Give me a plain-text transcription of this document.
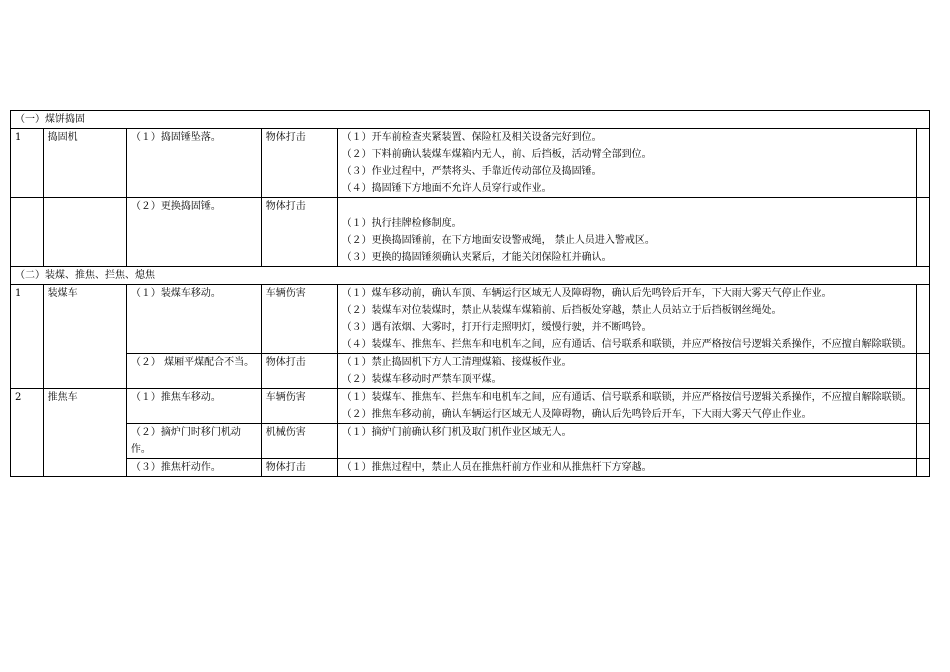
（一）煤饼捣固					
1	捣固机	（１）捣固锤坠落。	物体打击	（１）开车前检查夹紧装置、保险杠及相关设备完好到位。
（２）下料前确认装煤车煤箱内无人，前、后挡板，活动臂全部到位。
（３）作业过程中，严禁将头、手靠近传动部位及捣固锤。
（４）捣固锤下方地面不允许人员穿行或作业。	

		（２）更换捣固锤。	物体打击	（１）执行挂牌检修制度。
（２）更换捣固锤前，在下方地面安设警戒绳， 禁止人员进入警戒区。
（３）更换的捣固锤须确认夹紧后，才能关闭保险杠并确认。	

（二）装煤、推焦、拦焦、熄焦					
1	装煤车	（１）装煤车移动。	车辆伤害	（１）煤车移动前，确认车顶、车辆运行区域无人及障碍物，确认后先鸣铃后开车，下大雨大雾天气停止作业。
（２）装煤车对位装煤时，禁止从装煤车煤箱前、后挡板处穿越，禁止人员站立于后挡板钢丝绳处。
（３）遇有浓烟、大雾时，打开行走照明灯，缓慢行驶，并不断鸣铃。
（４）装煤车、推焦车、拦焦车和电机车之间，应有通话、信号联系和联锁，并应严格按信号逻辑关系操作，不应擅自解除联锁。	

		（２） 煤厢平煤配合不当。	物体打击	（１）禁止捣固机下方人工清理煤箱、接煤板作业。
（２）装煤车移动时严禁车顶平煤。	

2	推焦车	（１）推焦车移动。	车辆伤害	（１）装煤车、推焦车、拦焦车和电机车之间，应有通话、信号联系和联锁，并应严格按信号逻辑关系操作，不应擅自解除联锁。
（２）推焦车移动前，确认车辆运行区域无人及障碍物，确认后先鸣铃后开车，下大雨大雾天气停止作业。	

		（２）摘炉门时移门机动作。	机械伤害	（１）摘炉门前确认移门机及取门机作业区域无人。	

		（３）推焦杆动作。	物体打击	（１）推焦过程中，禁止人员在推焦杆前方作业和从推焦杆下方穿越。	
